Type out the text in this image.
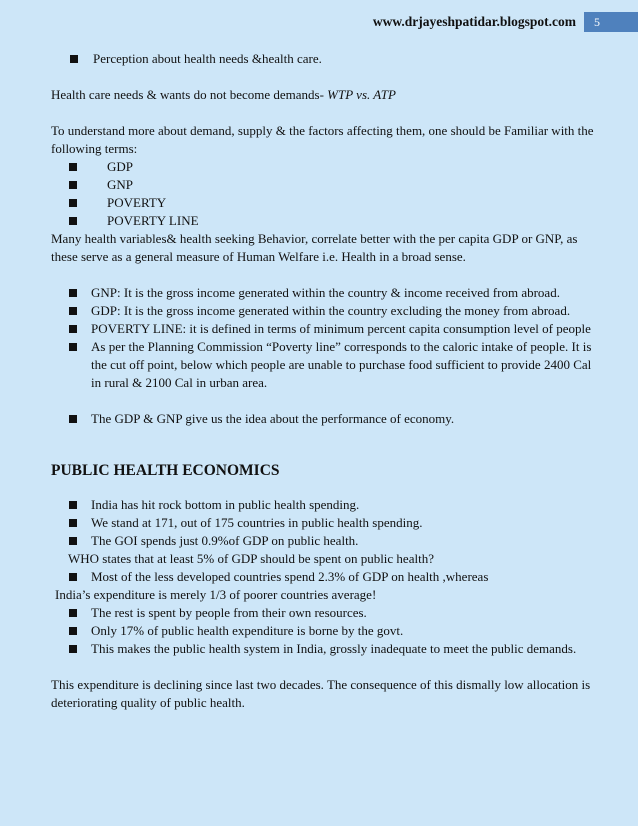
www.drjayeshpatidar.blogspot.com	5

Perception about health needs &health care.

Health care needs & wants do not become demands- WTP vs. ATP

To understand more about demand, supply & the factors affecting them, one should be Familiar with the following terms:

GDP

GNP

POVERTY

POVERTY LINE

Many health variables& health seeking Behavior, correlate better with the per capita GDP or GNP, as these serve as a general measure of Human Welfare i.e. Health in a broad sense.

GNP: It is the gross income generated within the country & income received from abroad.

GDP: It is the gross income generated within the country excluding the money from abroad.

POVERTY LINE: it is defined in terms of minimum percent capita consumption level of people

As per the Planning Commission “Poverty line” corresponds to the caloric intake of people. It is the cut off point, below which people are unable to purchase food sufficient to provide 2400 Cal in rural & 2100 Cal in urban area.

The GDP & GNP give us the idea about the performance of economy.

PUBLIC HEALTH ECONOMICS

India has hit rock bottom in public health spending.

We stand at 171, out of 175 countries in public health spending.

The GOI spends just 0.9%of GDP on public health.

WHO states that at least 5% of GDP should be spent on public health?

Most of the less developed countries spend 2.3% of GDP on health ,whereas

India’s expenditure is merely 1/3 of poorer countries average!

The rest is spent by people from their own resources.

Only 17% of public health expenditure is borne by the govt.

This makes the public health system in India, grossly inadequate to meet the public demands.

This expenditure is declining since last two decades. The consequence of this dismally low allocation is deteriorating quality of public health.
